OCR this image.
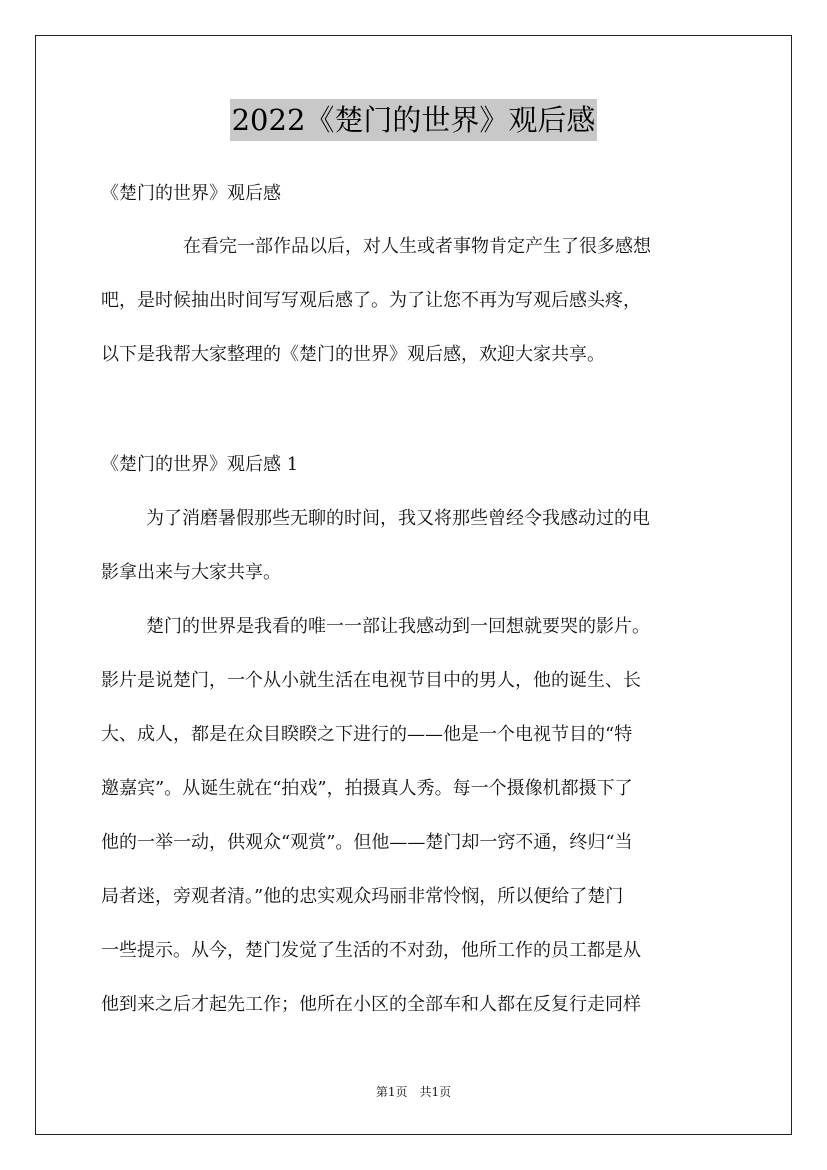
2022《楚门的世界》观后感
《楚门的世界》观后感
在看完一部作品以后，对人生或者事物肯定产生了很多感想
吧，是时候抽出时间写写观后感了。为了让您不再为写观后感头疼，
以下是我帮大家整理的《楚门的世界》观后感，欢迎大家共享。
《楚门的世界》观后感 1
为了消磨暑假那些无聊的时间，我又将那些曾经令我感动过的电
影拿出来与大家共享。
楚门的世界是我看的唯一一部让我感动到一回想就要哭的影片。
影片是说楚门，一个从小就生活在电视节目中的男人，他的诞生、长
大、成人，都是在众目睽睽之下进行的——他是一个电视节目的“特
邀嘉宾”。从诞生就在“拍戏”，拍摄真人秀。每一个摄像机都摄下了
他的一举一动，供观众“观赏”。但他——楚门却一窍不通，终归“当
局者迷，旁观者清。”他的忠实观众玛丽非常怜悯，所以便给了楚门
一些提示。从今，楚门发觉了生活的不对劲，他所工作的员工都是从
他到来之后才起先工作；他所在小区的全部车和人都在反复行走同样
第1页　共1页
